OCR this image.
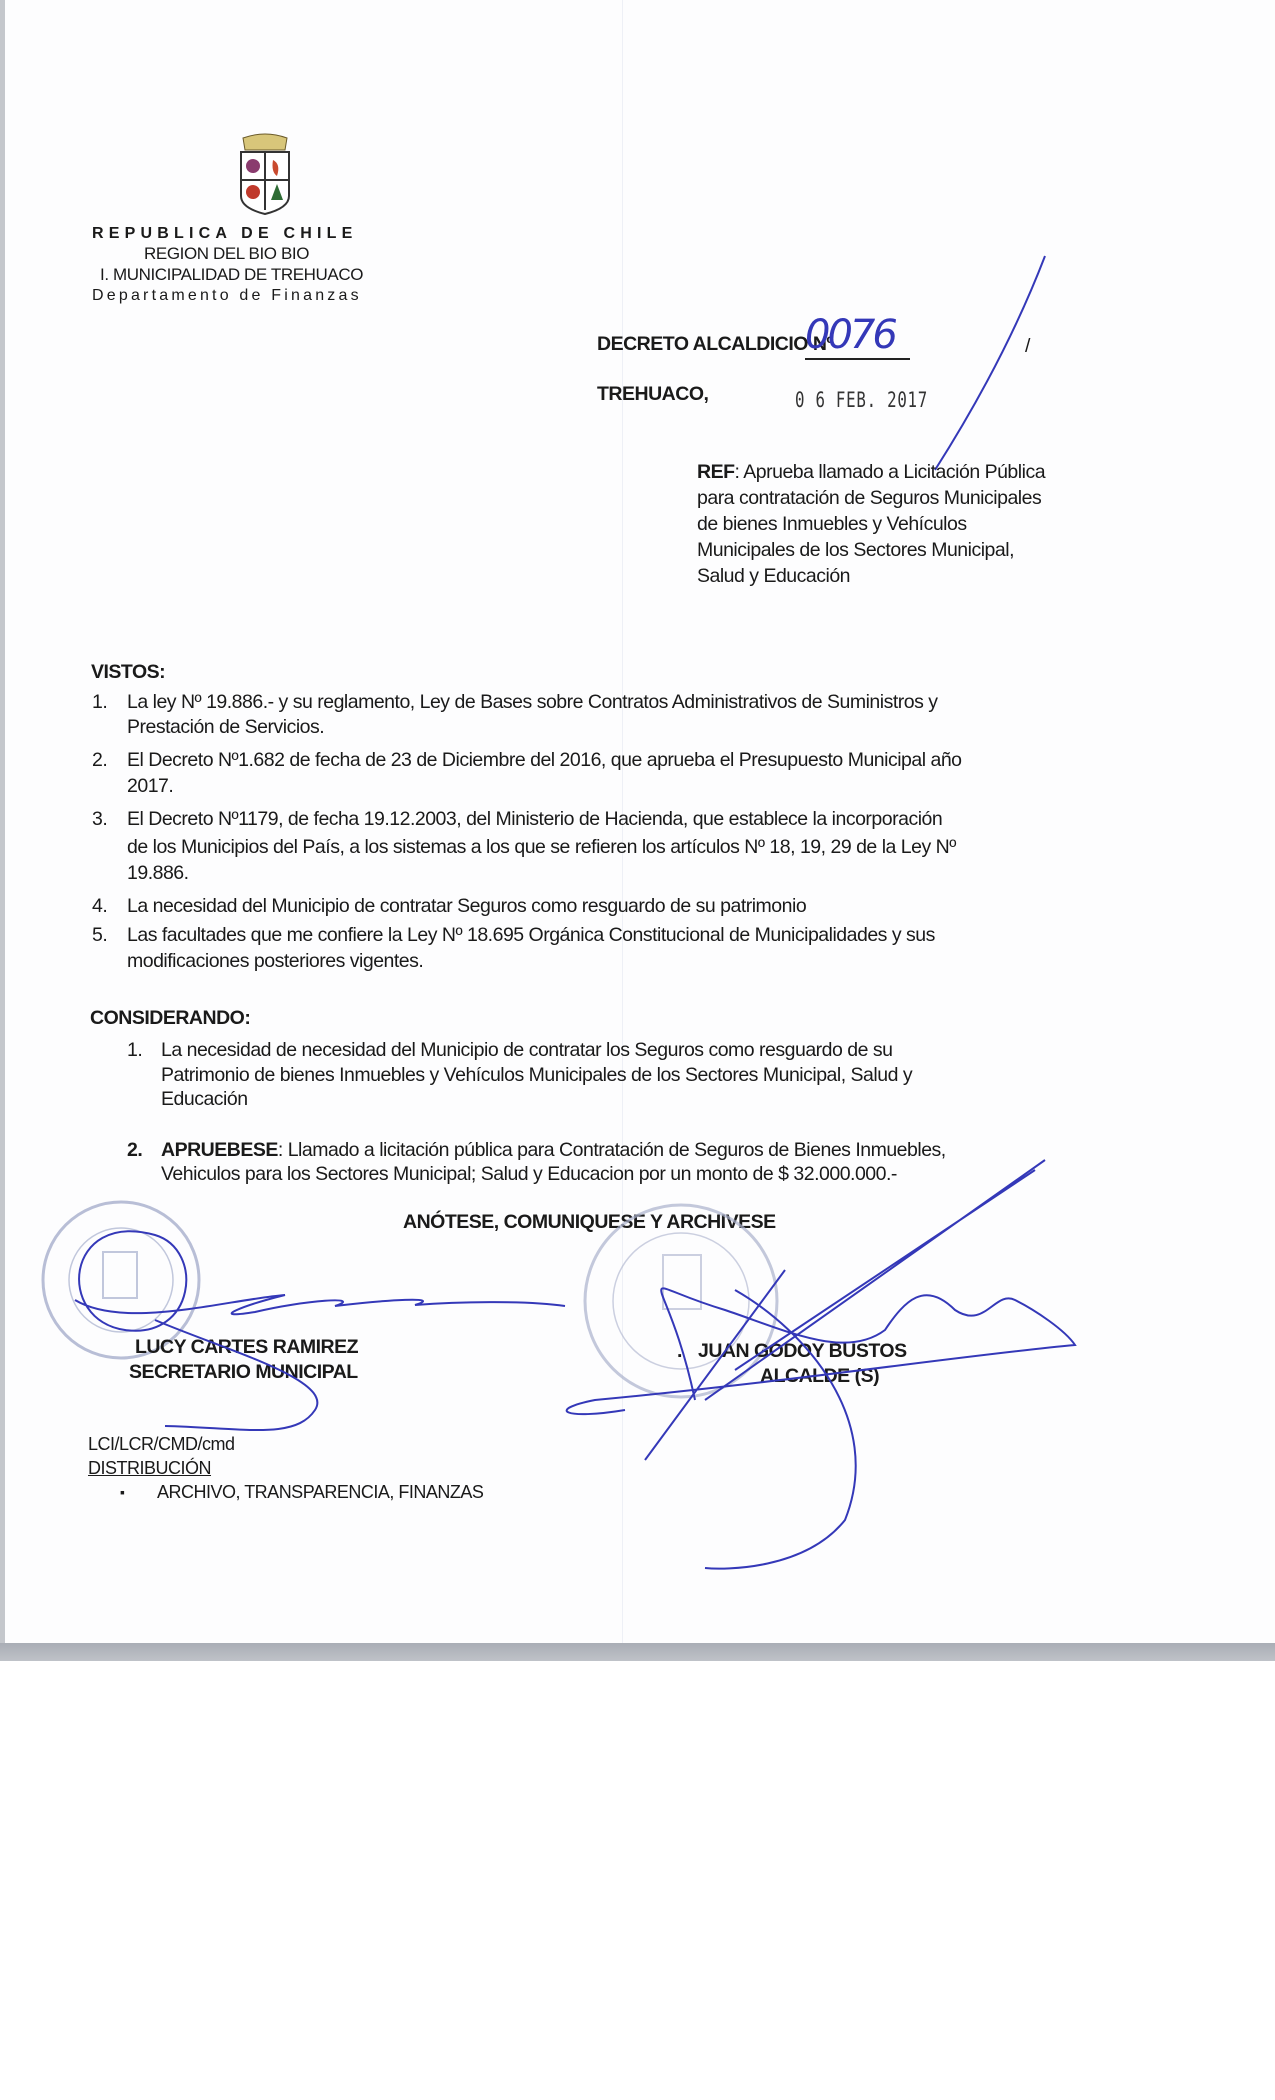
REPUBLICA DE CHILE
REGION DEL BIO BIO
I. MUNICIPALIDAD DE TREHUACO
Departamento de Finanzas
DECRETO ALCALDICIO Nº
0076	/
TREHUACO,	0 6 FEB. 2017
REF: Aprueba llamado a Licitación Pública
para contratación de Seguros Municipales
de bienes Inmuebles y Vehículos
Municipales de los Sectores Municipal,
Salud y Educación
VISTOS:
1. La ley Nº 19.886.- y su reglamento, Ley de Bases sobre Contratos Administrativos de Suministros y
Prestación de Servicios.
2. El Decreto Nº1.682 de fecha de 23 de Diciembre del 2016, que aprueba el Presupuesto Municipal año
2017.
3. El Decreto Nº1179, de fecha 19.12.2003, del Ministerio de Hacienda, que establece la incorporación
de los Municipios del País, a los sistemas a los que se refieren los artículos Nº 18, 19, 29 de la Ley Nº
19.886.
4. La necesidad del Municipio de contratar Seguros como resguardo de su patrimonio
5. Las facultades que me confiere la Ley Nº 18.695 Orgánica Constitucional de Municipalidades y sus
modificaciones posteriores vigentes.
CONSIDERANDO:
1. La necesidad de necesidad del Municipio de contratar los Seguros como resguardo de su
Patrimonio de bienes Inmuebles y Vehículos Municipales de los Sectores Municipal, Salud y
Educación
2. APRUEBESE: Llamado a licitación pública para Contratación de Seguros de Bienes Inmuebles,
Vehiculos para los Sectores Municipal; Salud y Educacion por un monto de $ 32.000.000.-
ANÓTESE, COMUNIQUESE Y ARCHIVESE
LUCY CARTES RAMIREZ
SECRETARIO MUNICIPAL
. JUAN GODOY BUSTOS
ALCALDE (S)
LCI/LCR/CMD/cmd
DISTRIBUCIÓN
▪ ARCHIVO, TRANSPARENCIA, FINANZAS
